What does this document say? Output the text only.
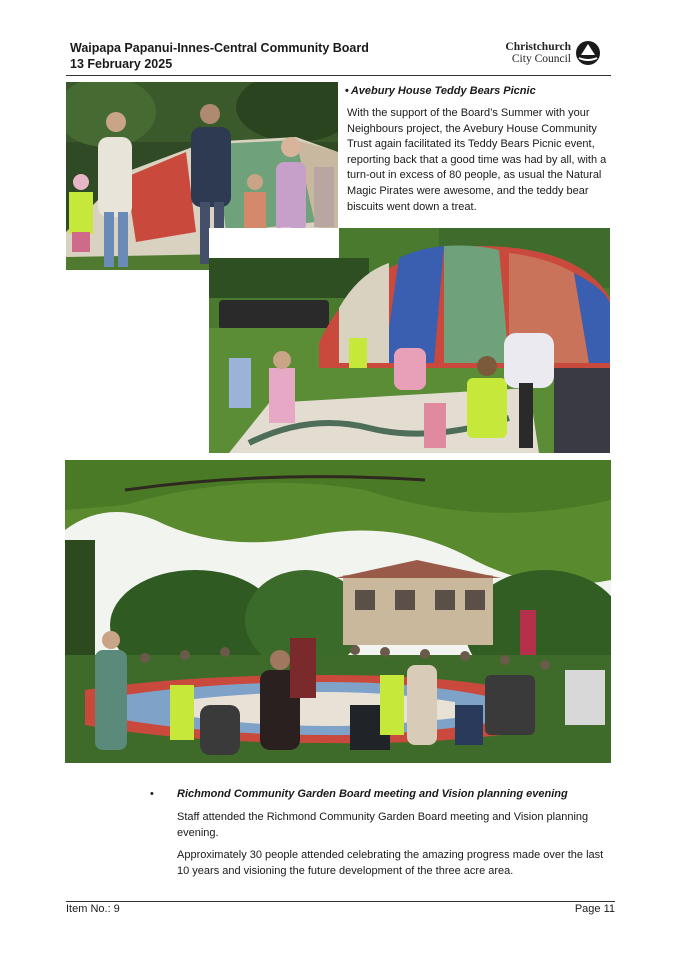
Waipapa Papanui-Innes-Central Community Board
13 February 2025
Christchurch
City Council
• Avebury House Teddy Bears Picnic
With the support of the Board’s Summer with your Neighbours project, the Avebury House Community Trust again facilitated its Teddy Bears Picnic event, reporting back that a good time was had by all, with a turn-out in excess of 80 people, as usual the Natural Magic Pirates were awesome, and the teddy bear biscuits went down a treat.
• Richmond Community Garden Board meeting and Vision planning evening
Staff attended the Richmond Community Garden Board meeting and Vision planning evening.
Approximately 30 people attended celebrating the amazing progress made over the last 10 years and visioning the future development of the three acre area.
Item No.: 9	Page 11
